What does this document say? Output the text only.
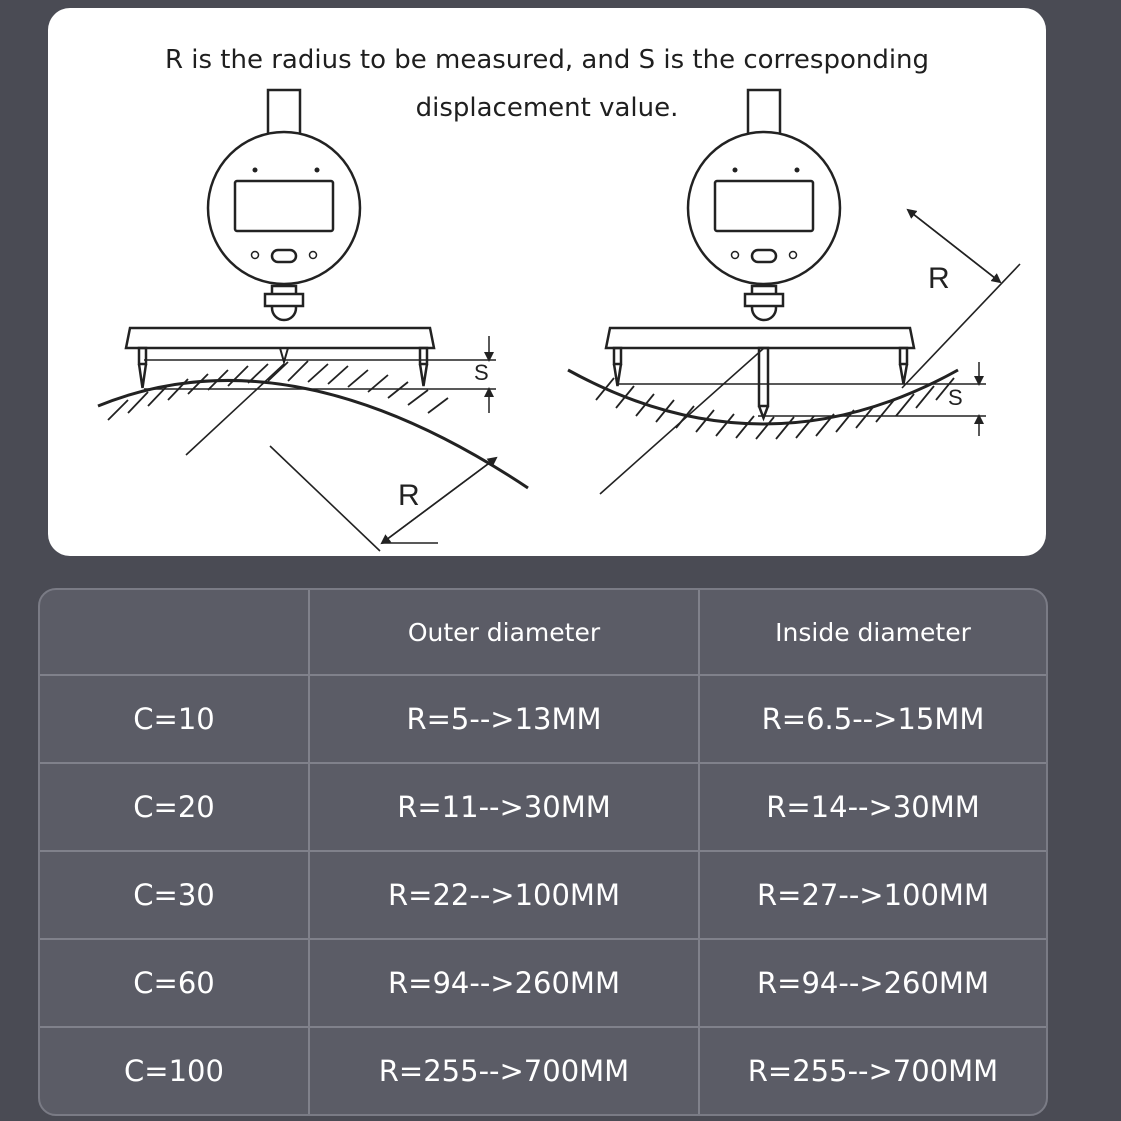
S
R
S
R
R is the radius to be measured, and S is the corresponding
displacement value.
	Outer diameter	Inside diameter
C=10	R=5-->13MM	R=6.5-->15MM
C=20	R=11-->30MM	R=14-->30MM
C=30	R=22-->100MM	R=27-->100MM
C=60	R=94-->260MM	R=94-->260MM
C=100	R=255-->700MM	R=255-->700MM
